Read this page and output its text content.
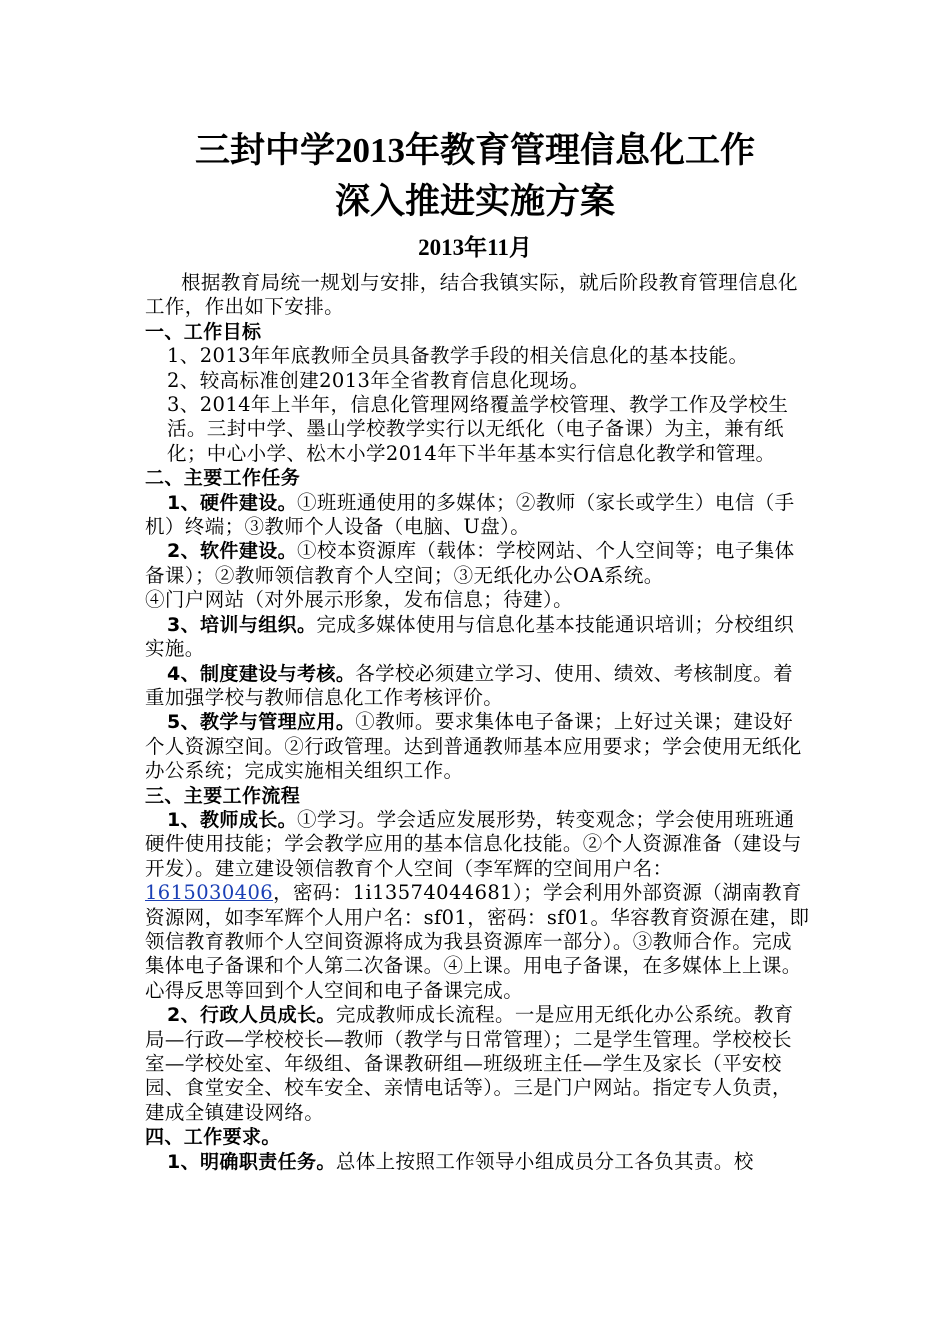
三封中学2013年教育管理信息化工作
深入推进实施方案
2013年11月

根据教育局统一规划与安排，结合我镇实际，就后阶段教育管理信息化工作，作出如下安排。

一、工作目标

1、2013年年底教师全员具备教学手段的相关信息化的基本技能。

2、较高标准创建2013年全省教育信息化现场。

3、2014年上半年，信息化管理网络覆盖学校管理、教学工作及学校生活。三封中学、墨山学校教学实行以无纸化（电子备课）为主，兼有纸化；中心小学、松木小学2014年下半年基本实行信息化教学和管理。

二、主要工作任务

1、硬件建设。①班班通使用的多媒体；②教师（家长或学生）电信（手机）终端；③教师个人设备（电脑、U盘）。

2、软件建设。①校本资源库（载体：学校网站、个人空间等；电子集体备课）；②教师领信教育个人空间；③无纸化办公OA系统。

④门户网站（对外展示形象，发布信息；待建）。

3、培训与组织。完成多媒体使用与信息化基本技能通识培训；分校组织实施。

4、制度建设与考核。各学校必须建立学习、使用、绩效、考核制度。着重加强学校与教师信息化工作考核评价。

5、教学与管理应用。①教师。要求集体电子备课；上好过关课；建设好个人资源空间。②行政管理。达到普通教师基本应用要求；学会使用无纸化办公系统；完成实施相关组织工作。

三、主要工作流程

1、教师成长。①学习。学会适应发展形势，转变观念；学会使用班班通硬件使用技能；学会教学应用的基本信息化技能。②个人资源准备（建设与开发）。建立建设领信教育个人空间（李军辉的空间用户名：1615030406，密码：1i13574044681）；学会利用外部资源（湖南教育资源网，如李军辉个人用户名：sf01，密码：sf01。华容教育资源在建，即领信教育教师个人空间资源将成为我县资源库一部分）。③教师合作。完成集体电子备课和个人第二次备课。④上课。用电子备课，在多媒体上上课。心得反思等回到个人空间和电子备课完成。

2、行政人员成长。完成教师成长流程。一是应用无纸化办公系统。教育局—行政—学校校长—教师（教学与日常管理）；二是学生管理。学校校长室—学校处室、年级组、备课教研组—班级班主任—学生及家长（平安校园、食堂安全、校车安全、亲情电话等）。三是门户网站。指定专人负责，建成全镇建设网络。

四、工作要求。

1、明确职责任务。总体上按照工作领导小组成员分工各负其责。校
